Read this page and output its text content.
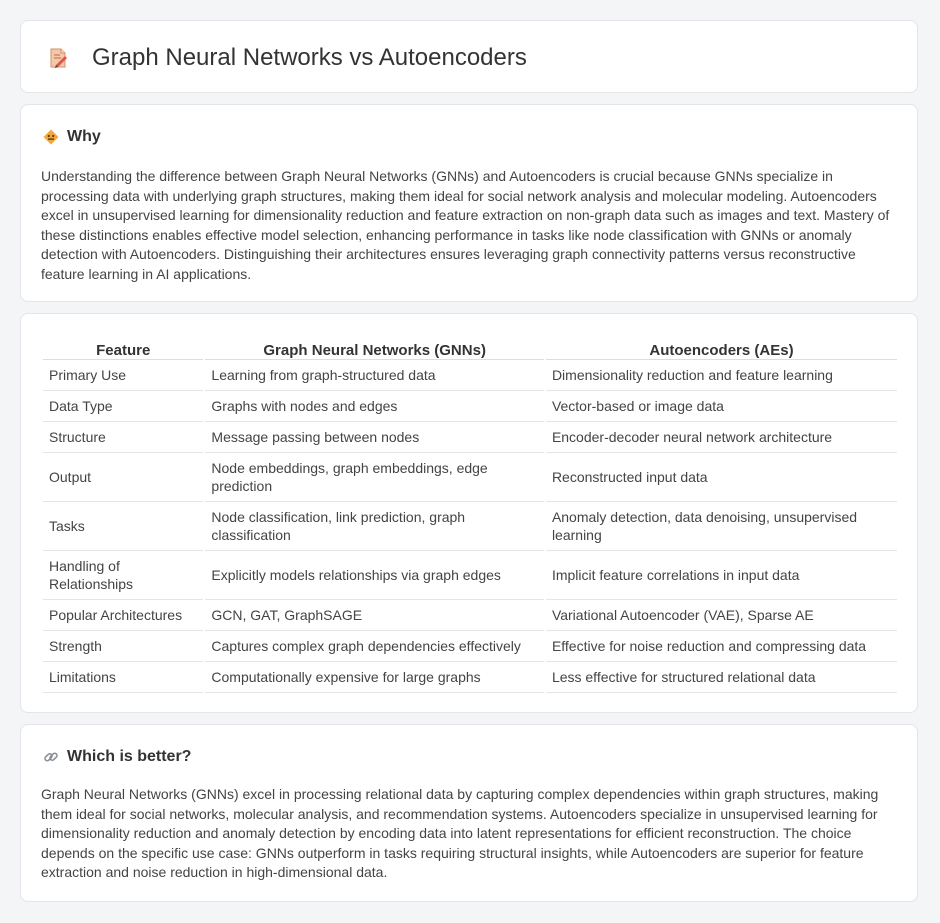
Graph Neural Networks vs Autoencoders
Why

Understanding the difference between Graph Neural Networks (GNNs) and Autoencoders is crucial because GNNs specialize in processing data with underlying graph structures, making them ideal for social network analysis and molecular modeling. Autoencoders excel in unsupervised learning for dimensionality reduction and feature extraction on non-graph data such as images and text. Mastery of these distinctions enables effective model selection, enhancing performance in tasks like node classification with GNNs or anomaly detection with Autoencoders. Distinguishing their architectures ensures leveraging graph connectivity patterns versus reconstructive feature learning in AI applications.

Feature	Graph Neural Networks (GNNs)	Autoencoders (AEs)
Primary Use	Learning from graph-structured data	Dimensionality reduction and feature learning
Data Type	Graphs with nodes and edges	Vector-based or image data
Structure	Message passing between nodes	Encoder-decoder neural network architecture
Output	Node embeddings, graph embeddings, edge prediction	Reconstructed input data
Tasks	Node classification, link prediction, graph classification	Anomaly detection, data denoising, unsupervised learning
Handling of Relationships	Explicitly models relationships via graph edges	Implicit feature correlations in input data
Popular Architectures	GCN, GAT, GraphSAGE	Variational Autoencoder (VAE), Sparse AE
Strength	Captures complex graph dependencies effectively	Effective for noise reduction and compressing data
Limitations	Computationally expensive for large graphs	Less effective for structured relational data
Which is better?

Graph Neural Networks (GNNs) excel in processing relational data by capturing complex dependencies within graph structures, making them ideal for social networks, molecular analysis, and recommendation systems. Autoencoders specialize in unsupervised learning for dimensionality reduction and anomaly detection by encoding data into latent representations for efficient reconstruction. The choice depends on the specific use case: GNNs outperform in tasks requiring structural insights, while Autoencoders are superior for feature extraction and noise reduction in high-dimensional data.
